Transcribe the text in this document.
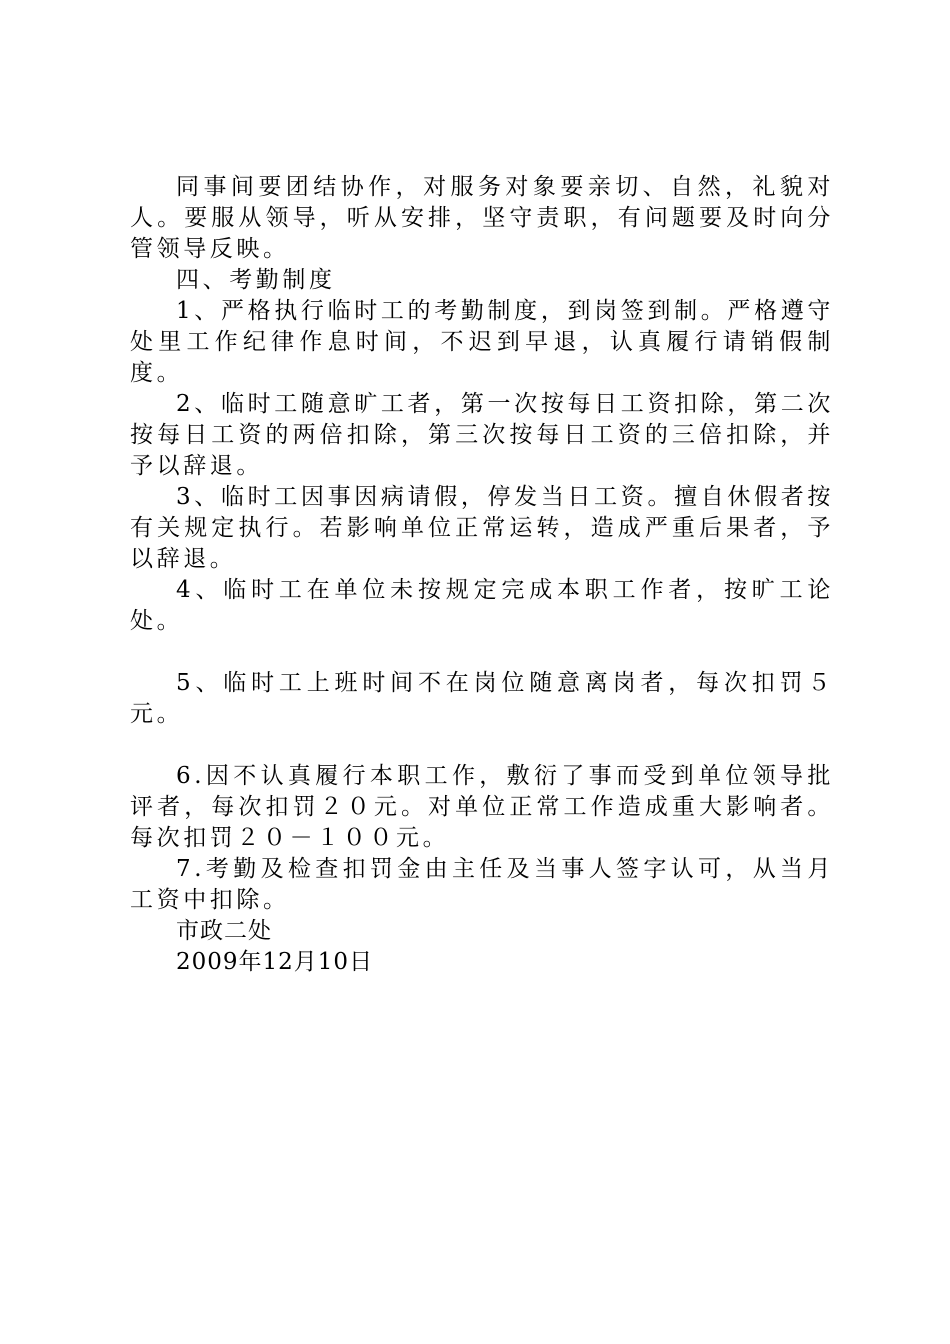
同事间要团结协作，对服务对象要亲切、自然，礼貌对人。要服从领导，听从安排，坚守责职，有问题要及时向分管领导反映。

四、考勤制度

1、严格执行临时工的考勤制度，到岗签到制。严格遵守处里工作纪律作息时间，不迟到早退，认真履行请销假制度。

2、临时工随意旷工者，第一次按每日工资扣除，第二次按每日工资的两倍扣除，第三次按每日工资的三倍扣除，并予以辞退。

3、临时工因事因病请假，停发当日工资。擅自休假者按有关规定执行。若影响单位正常运转，造成严重后果者，予以辞退。

4、临时工在单位未按规定完成本职工作者，按旷工论处。

5、临时工上班时间不在岗位随意离岗者，每次扣罚５元。

6.因不认真履行本职工作，敷衍了事而受到单位领导批评者，每次扣罚２０元。对单位正常工作造成重大影响者。每次扣罚２０－１００元。

7.考勤及检查扣罚金由主任及当事人签字认可，从当月工资中扣除。

市政二处

2009年12月10日
